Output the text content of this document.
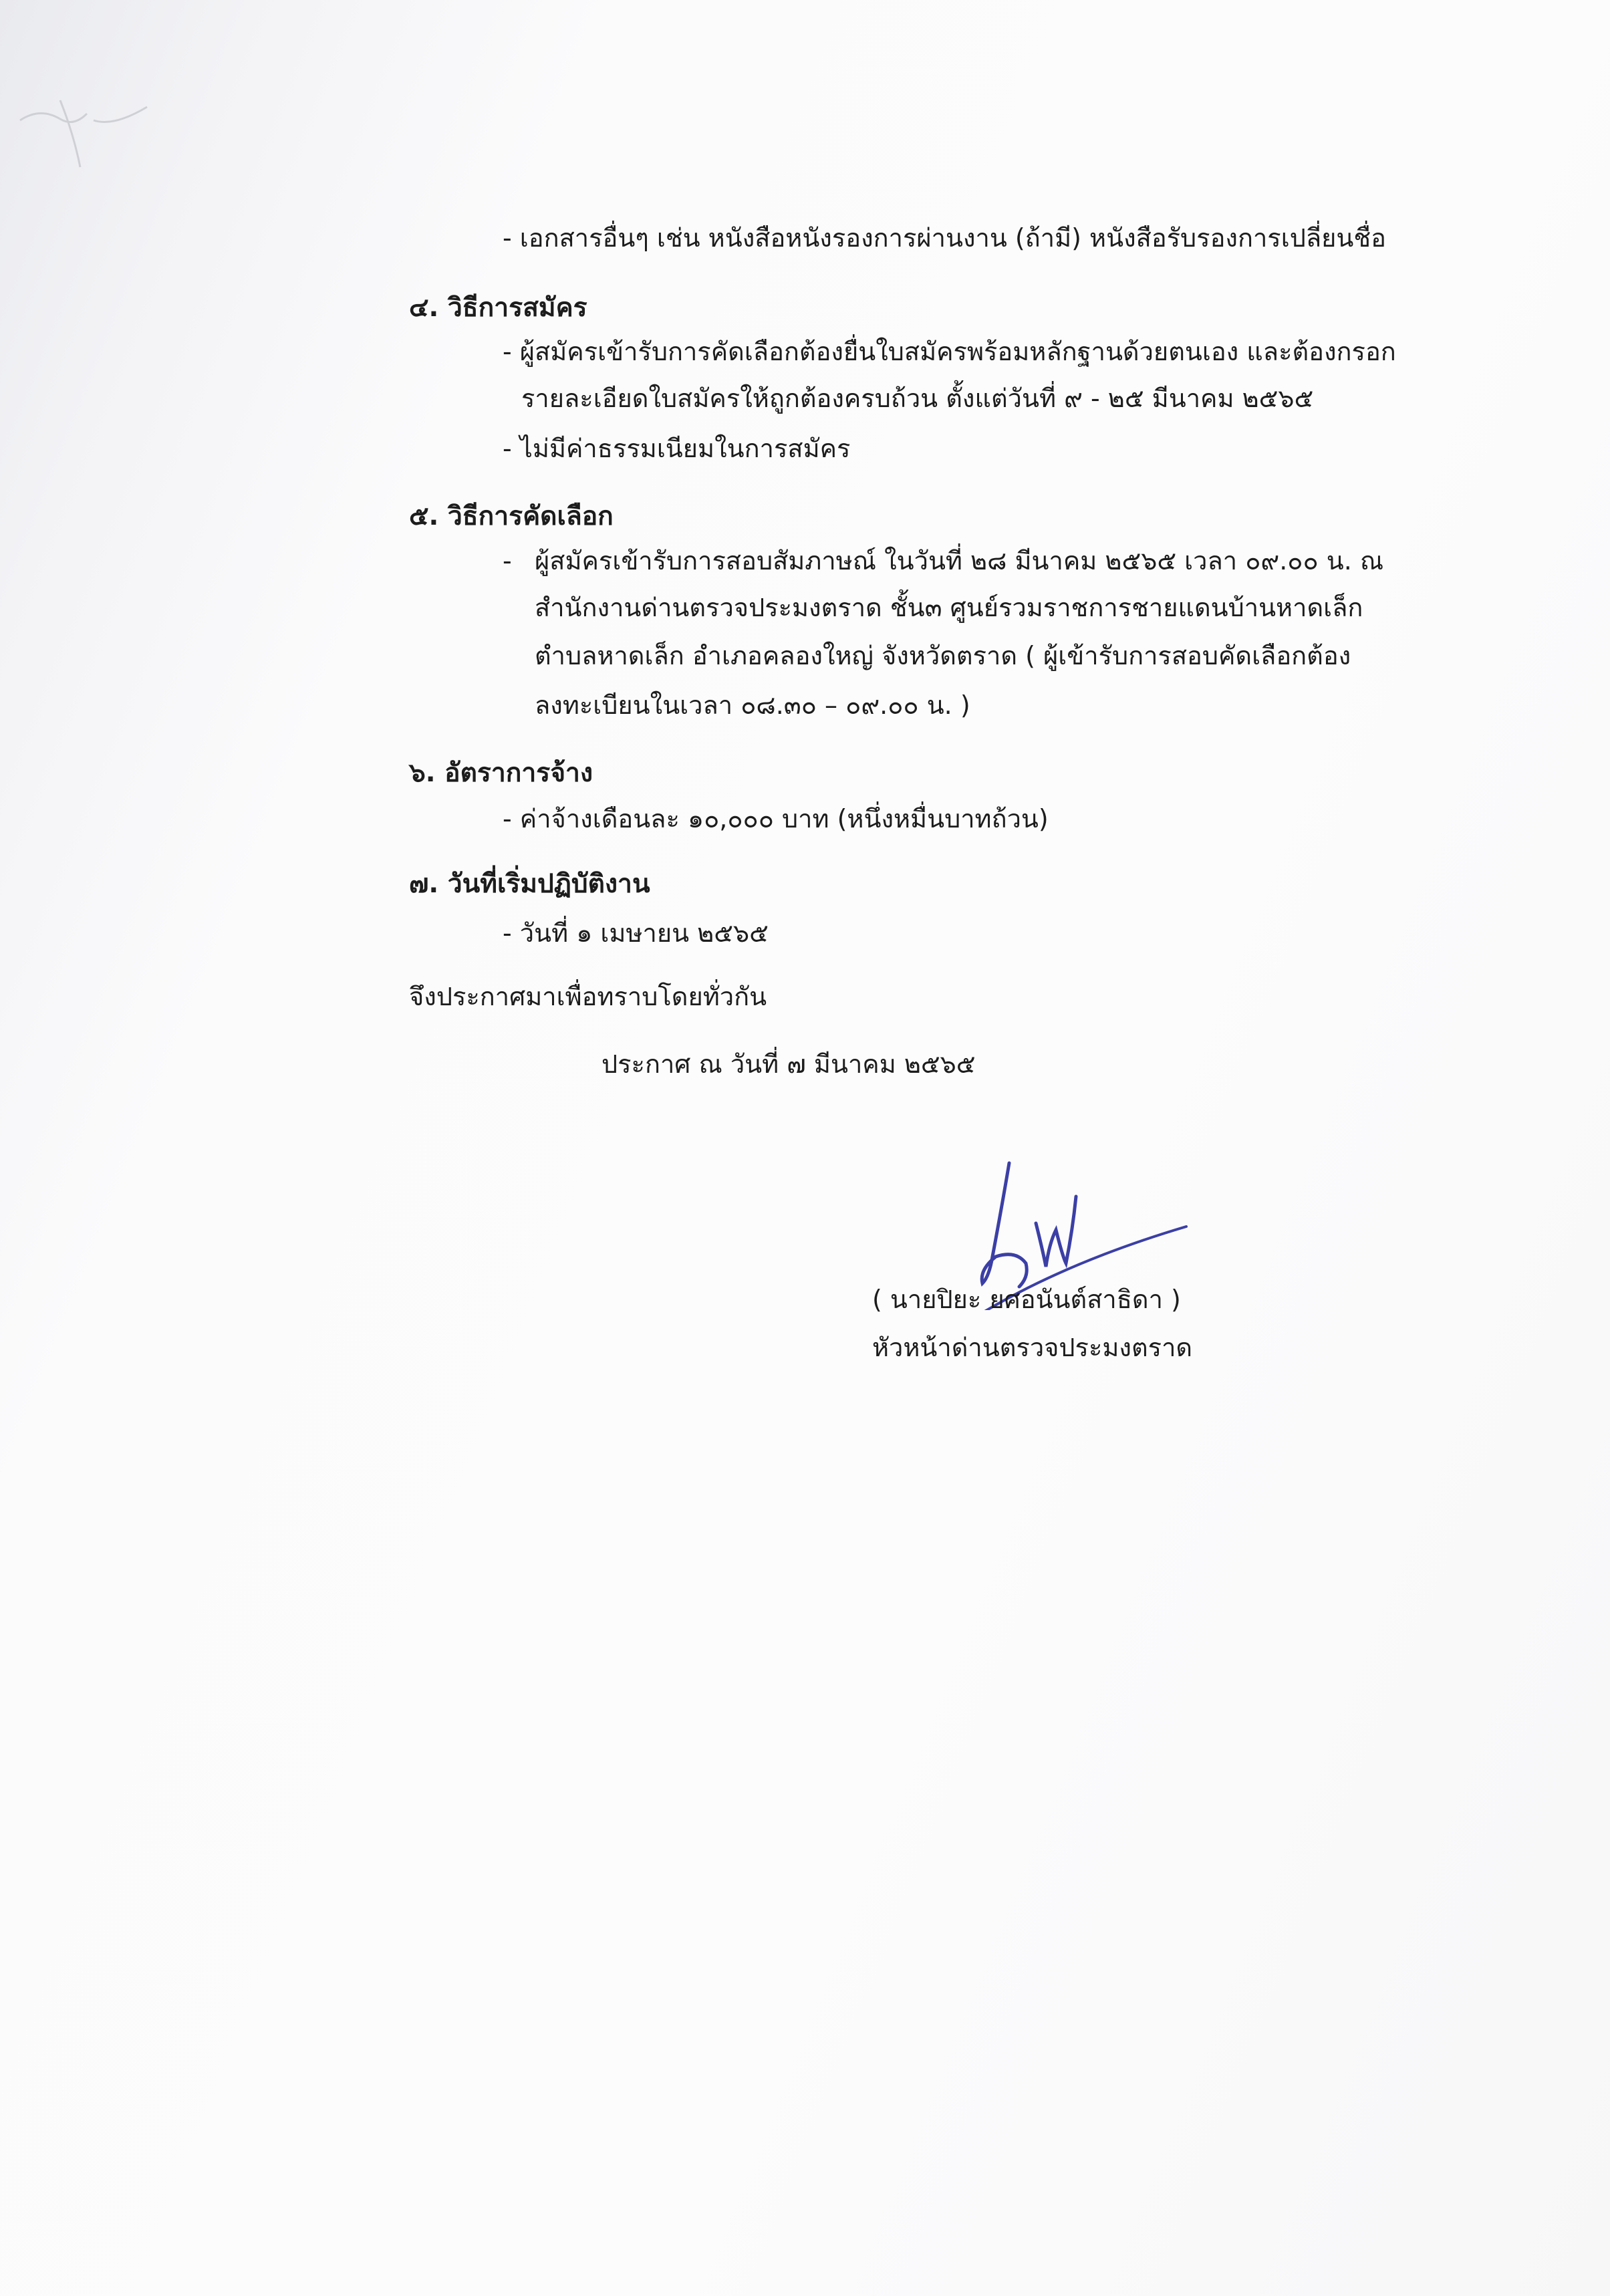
- เอกสารอื่นๆ เช่น หนังสือหนังรองการผ่านงาน (ถ้ามี) หนังสือรับรองการเปลี่ยนชื่อ
๔. วิธีการสมัคร
- ผู้สมัครเข้ารับการคัดเลือกต้องยื่นใบสมัครพร้อมหลักฐานด้วยตนเอง และต้องกรอก
รายละเอียดใบสมัครให้ถูกต้องครบถ้วน ตั้งแต่วันที่ ๙ - ๒๕ มีนาคม ๒๕๖๕
- ไม่มีค่าธรรมเนียมในการสมัคร
๕. วิธีการคัดเลือก
- ผู้สมัครเข้ารับการสอบสัมภาษณ์ ในวันที่ ๒๘ มีนาคม ๒๕๖๕ เวลา ๐๙.๐๐ น. ณ
สำนักงานด่านตรวจประมงตราด ชั้น๓ ศูนย์รวมราชการชายแดนบ้านหาดเล็ก
ตำบลหาดเล็ก อำเภอคลองใหญ่ จังหวัดตราด ( ผู้เข้ารับการสอบคัดเลือกต้อง
ลงทะเบียนในเวลา ๐๘.๓๐ – ๐๙.๐๐ น. )
๖. อัตราการจ้าง
- ค่าจ้างเดือนละ ๑๐,๐๐๐ บาท (หนึ่งหมื่นบาทถ้วน)
๗. วันที่เริ่มปฏิบัติงาน
- วันที่ ๑ เมษายน ๒๕๖๕
จึงประกาศมาเพื่อทราบโดยทั่วกัน
ประกาศ ณ วันที่ ๗ มีนาคม ๒๕๖๕
( นายปิยะ ยศอนันต์สาธิดา )
หัวหน้าด่านตรวจประมงตราด
